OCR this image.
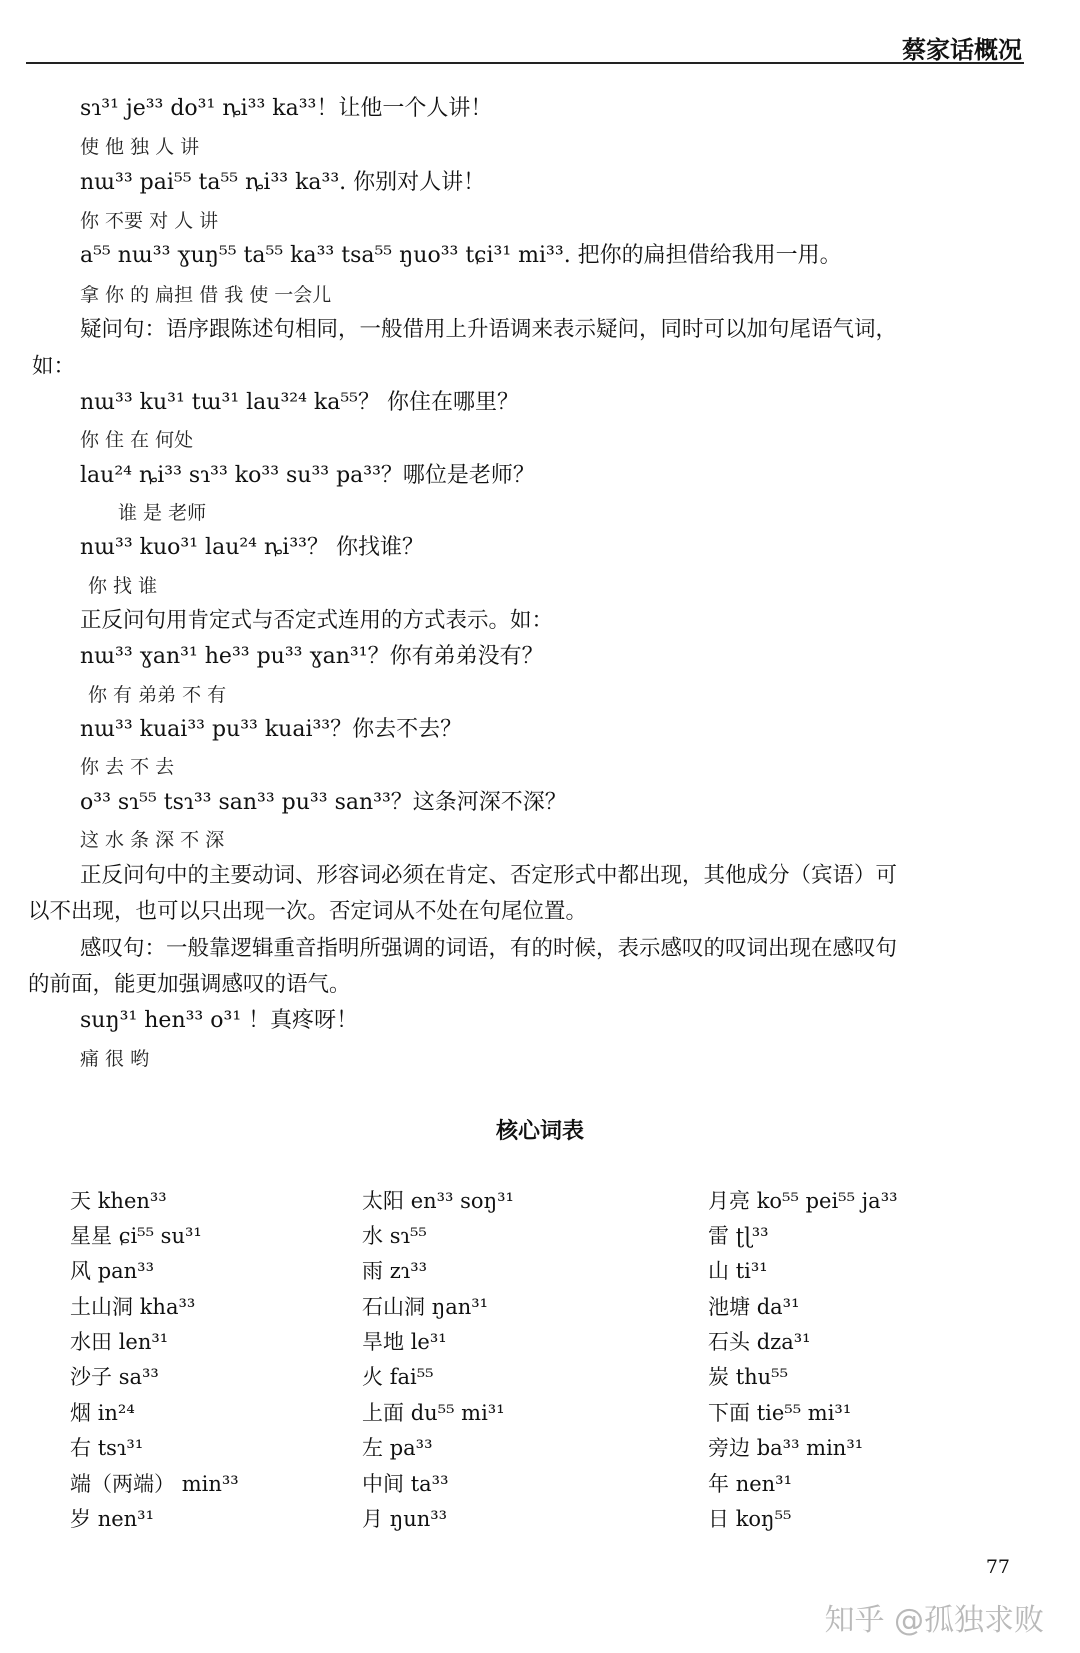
蔡家话概况
sɿ³¹ je³³ do³¹ ȵi³³ ka³³！让他一个人讲！
使 他 独 人 讲
nɯ³³ pai⁵⁵ ta⁵⁵ ȵi³³ ka³³. 你别对人讲！
你 不要 对 人 讲
a⁵⁵ nɯ³³ ɣuŋ⁵⁵ ta⁵⁵ ka³³ tsa⁵⁵ ŋuo³³ tɕi³¹ mi³³. 把你的扁担借给我用一用。
拿 你 的 扁担 借 我 使 一会儿
疑问句：语序跟陈述句相同，一般借用上升语调来表示疑问，同时可以加句尾语气词，
如：
nɯ³³ ku³¹ tɯ³¹ lau³²⁴ ka⁵⁵？ 你住在哪里？
你 住 在 何处
lau²⁴ ȵi³³ sɿ³³ ko³³ su³³ pa³³？哪位是老师？
谁 是 老师
nɯ³³ kuo³¹ lau²⁴ ȵi³³？ 你找谁？
你 找 谁
正反问句用肯定式与否定式连用的方式表示。如：
nɯ³³ ɣan³¹ he³³ pu³³ ɣan³¹？你有弟弟没有？
你 有 弟弟 不 有
nɯ³³ kuai³³ pu³³ kuai³³？你去不去？
你 去 不 去
o³³ sɿ⁵⁵ tsɿ³³ san³³ pu³³ san³³？这条河深不深？
这 水 条 深 不 深
正反问句中的主要动词、形容词必须在肯定、否定形式中都出现，其他成分（宾语）可
以不出现，也可以只出现一次。否定词从不处在句尾位置。
感叹句：一般靠逻辑重音指明所强调的词语，有的时候，表示感叹的叹词出现在感叹句
的前面，能更加强调感叹的语气。
suŋ³¹ hen³³ o³¹ ！真疼呀！
痛 很 哟
核心词表
天 khen³³	太阳 en³³ soŋ³¹	月亮 ko⁵⁵ pei⁵⁵ ja³³
星星 ɕi⁵⁵ su³¹	水 sɿ⁵⁵	雷 ʈɭ³³
风 pan³³	雨 zɿ³³	山 ti³¹
土山洞 kha³³	石山洞 ŋan³¹	池塘 da³¹
水田 len³¹	旱地 le³¹	石头 dza³¹
沙子 sa³³	火 fai⁵⁵	炭 thu⁵⁵
烟 in²⁴	上面 du⁵⁵ mi³¹	下面 tie⁵⁵ mi³¹
右 tsɿ³¹	左 pa³³	旁边 ba³³ min³¹
端（两端） min³³	中间 ta³³	年 nen³¹
岁 nen³¹	月 ŋun³³	日 koŋ⁵⁵
77
知乎 @孤独求败
